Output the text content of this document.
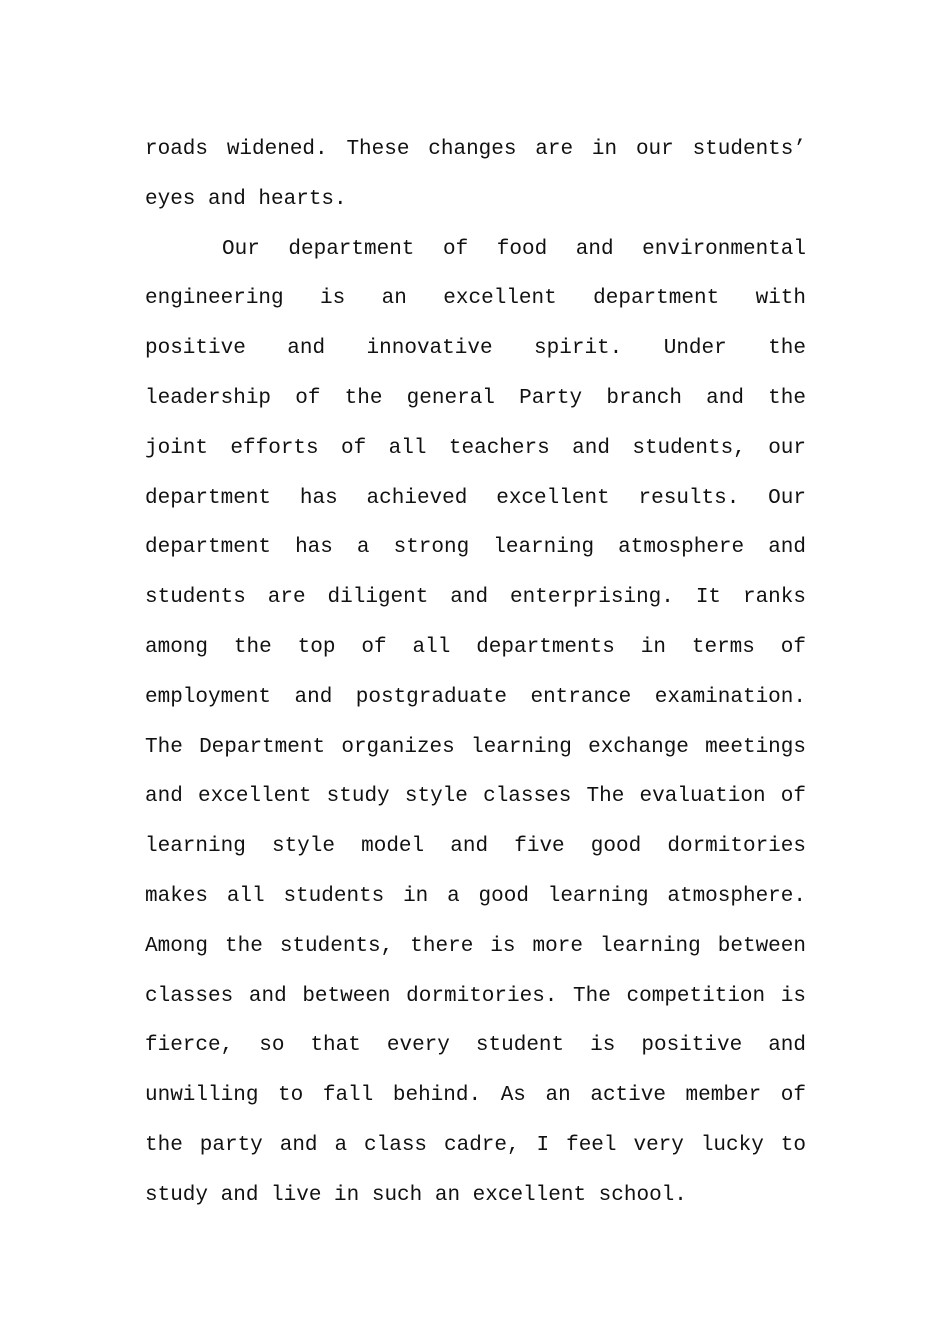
roads widened. These changes are in our students’
eyes and hearts.
Our department of food and environmental
engineering is an excellent department with
positive and innovative spirit. Under the
leadership of the general Party branch and the
joint efforts of all teachers and students, our
department has achieved excellent results. Our
department has a strong learning atmosphere and
students are diligent and enterprising. It ranks
among the top of all departments in terms of
employment and postgraduate entrance examination.
The Department organizes learning exchange meetings
and excellent study style classes The evaluation of
learning style model and five good dormitories
makes all students in a good learning atmosphere.
Among the students, there is more learning between
classes and between dormitories. The competition is
fierce, so that every student is positive and
unwilling to fall behind. As an active member of
the party and a class cadre, I feel very lucky to
study and live in such an excellent school.
